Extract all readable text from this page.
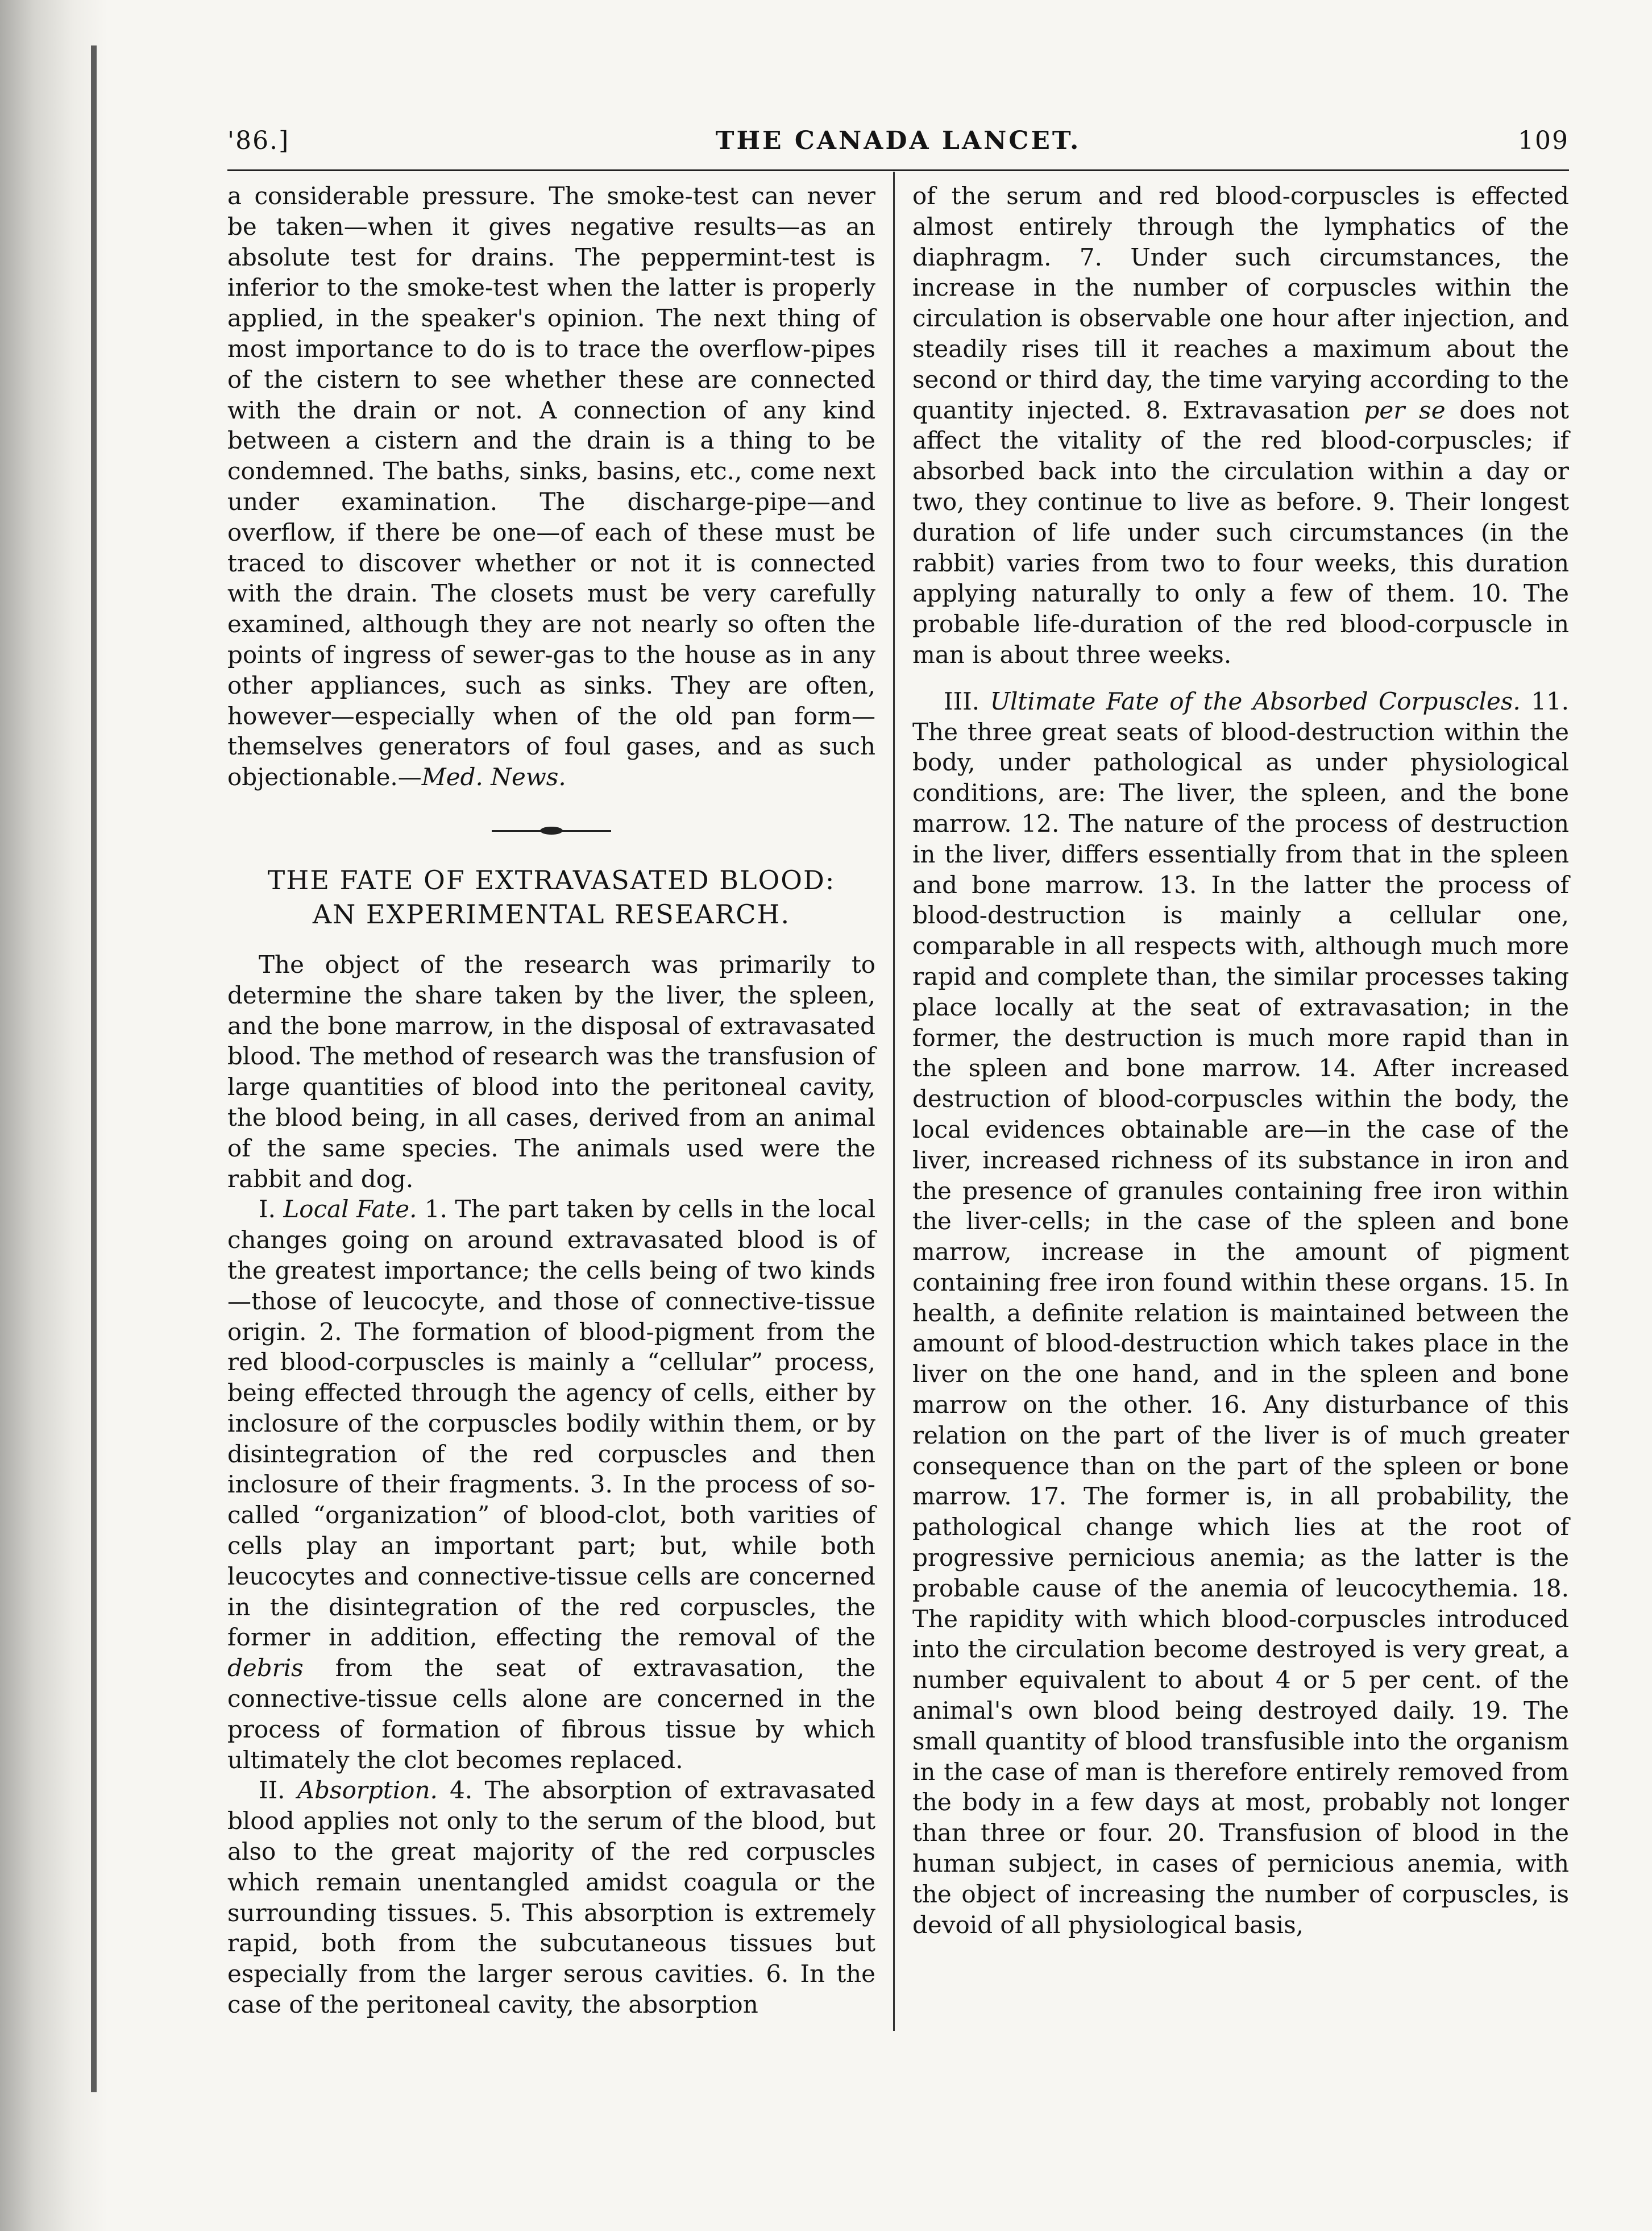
'86.]	THE CANADA LANCET.	109

a considerable pressure. The smoke-test can never be taken—when it gives negative results—as an absolute test for drains. The peppermint-test is inferior to the smoke-test when the latter is properly applied, in the speaker's opinion. The next thing of most importance to do is to trace the overflow-pipes of the cistern to see whether these are connected with the drain or not. A connection of any kind between a cistern and the drain is a thing to be condemned. The baths, sinks, basins, etc., come next under examination. The discharge-pipe—and overflow, if there be one—of each of these must be traced to discover whether or not it is connected with the drain. The closets must be very carefully examined, although they are not nearly so often the points of ingress of sewer-gas to the house as in any other appliances, such as sinks. They are often, however—especially when of the old pan form—themselves generators of foul gases, and as such objectionable.—Med. News.

THE FATE OF EXTRAVASATED BLOOD:
AN EXPERIMENTAL RESEARCH.

The object of the research was primarily to determine the share taken by the liver, the spleen, and the bone marrow, in the disposal of extravasated blood. The method of research was the transfusion of large quantities of blood into the peritoneal cavity, the blood being, in all cases, derived from an animal of the same species. The animals used were the rabbit and dog.

I. Local Fate. 1. The part taken by cells in the local changes going on around extravasated blood is of the greatest importance; the cells being of two kinds—those of leucocyte, and those of connective-tissue origin. 2. The formation of blood-pigment from the red blood-corpuscles is mainly a “cellular” process, being effected through the agency of cells, either by inclosure of the corpuscles bodily within them, or by disintegration of the red corpuscles and then inclosure of their fragments. 3. In the process of so-called “organization” of blood-clot, both varities of cells play an important part; but, while both leucocytes and connective-tissue cells are concerned in the disintegration of the red corpuscles, the former in addition, effecting the removal of the debris from the seat of extravasation, the connective-tissue cells alone are concerned in the process of formation of fibrous tissue by which ultimately the clot becomes replaced.

II. Absorption. 4. The absorption of extravasated blood applies not only to the serum of the blood, but also to the great majority of the red corpuscles which remain unentangled amidst coagula or the surrounding tissues. 5. This absorption is extremely rapid, both from the subcutaneous tissues but especially from the larger serous cavities. 6. In the case of the peritoneal cavity, the absorption

of the serum and red blood-corpuscles is effected almost entirely through the lymphatics of the diaphragm. 7. Under such circumstances, the increase in the number of corpuscles within the circulation is observable one hour after injection, and steadily rises till it reaches a maximum about the second or third day, the time varying according to the quantity injected. 8. Extravasation per se does not affect the vitality of the red blood-corpuscles; if absorbed back into the circulation within a day or two, they continue to live as before. 9. Their longest duration of life under such circumstances (in the rabbit) varies from two to four weeks, this duration applying naturally to only a few of them. 10. The probable life-duration of the red blood-corpuscle in man is about three weeks.

III. Ultimate Fate of the Absorbed Corpuscles. 11. The three great seats of blood-destruction within the body, under pathological as under physiological conditions, are: The liver, the spleen, and the bone marrow. 12. The nature of the process of destruction in the liver, differs essentially from that in the spleen and bone marrow. 13. In the latter the process of blood-destruction is mainly a cellular one, comparable in all respects with, although much more rapid and complete than, the similar processes taking place locally at the seat of extravasation; in the former, the destruction is much more rapid than in the spleen and bone marrow. 14. After increased destruction of blood-corpuscles within the body, the local evidences obtainable are—in the case of the liver, increased richness of its substance in iron and the presence of granules containing free iron within the liver-cells; in the case of the spleen and bone marrow, increase in the amount of pigment containing free iron found within these organs. 15. In health, a definite relation is maintained between the amount of blood-destruction which takes place in the liver on the one hand, and in the spleen and bone marrow on the other. 16. Any disturbance of this relation on the part of the liver is of much greater consequence than on the part of the spleen or bone marrow. 17. The former is, in all probability, the pathological change which lies at the root of progressive pernicious anemia; as the latter is the probable cause of the anemia of leucocythemia. 18. The rapidity with which blood-corpuscles introduced into the circulation become destroyed is very great, a number equivalent to about 4 or 5 per cent. of the animal's own blood being destroyed daily. 19. The small quantity of blood transfusible into the organism in the case of man is therefore entirely removed from the body in a few days at most, probably not longer than three or four. 20. Transfusion of blood in the human subject, in cases of pernicious anemia, with the object of increasing the number of corpuscles, is devoid of all physiological basis,
